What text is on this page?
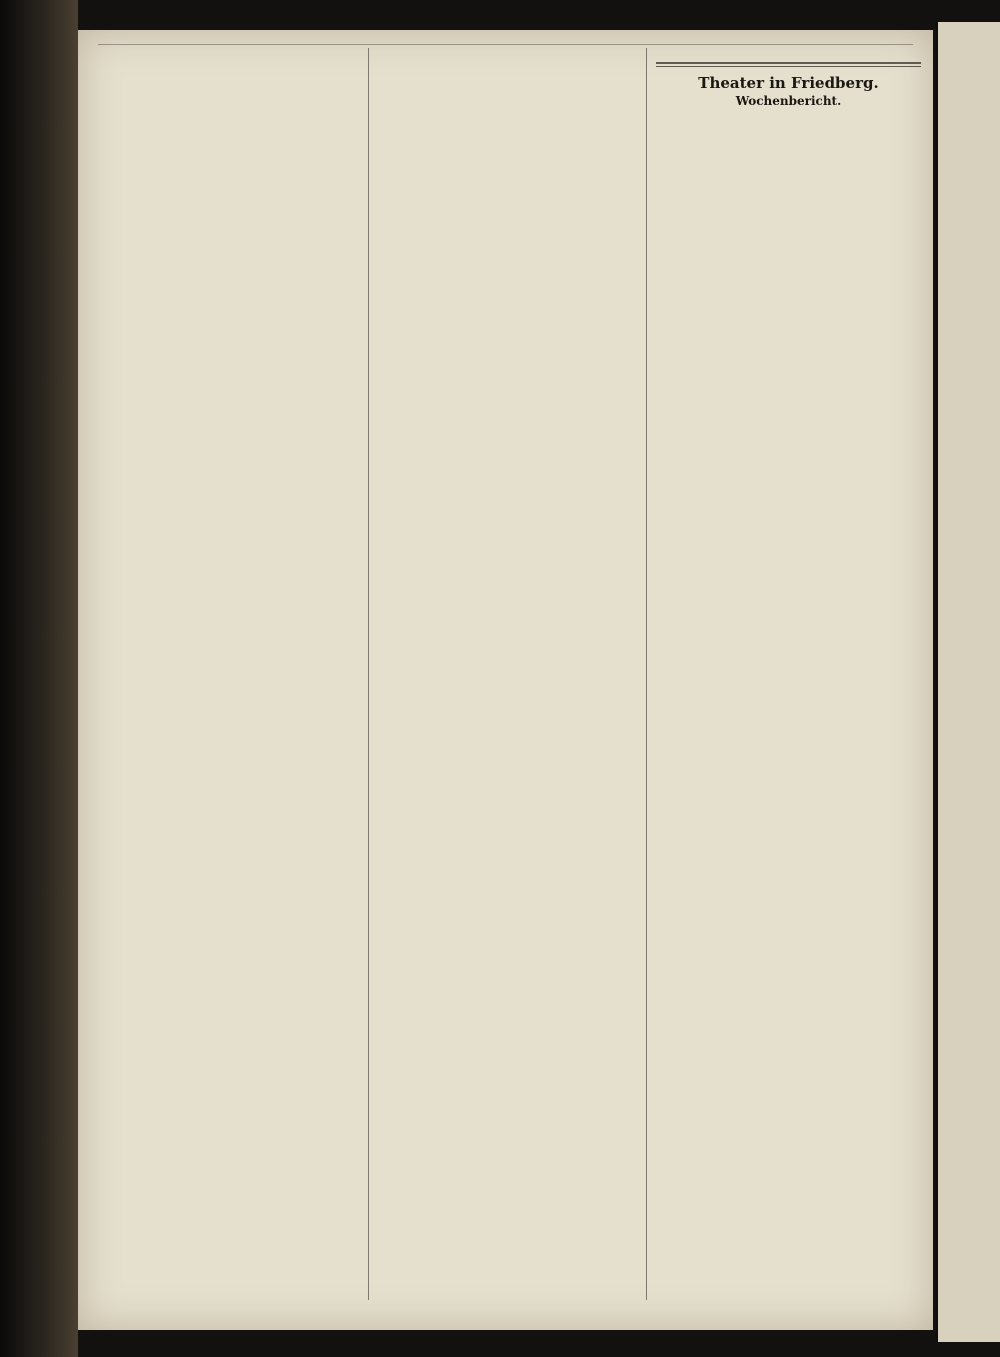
Theater in Friedberg.
Wochenbericht.
